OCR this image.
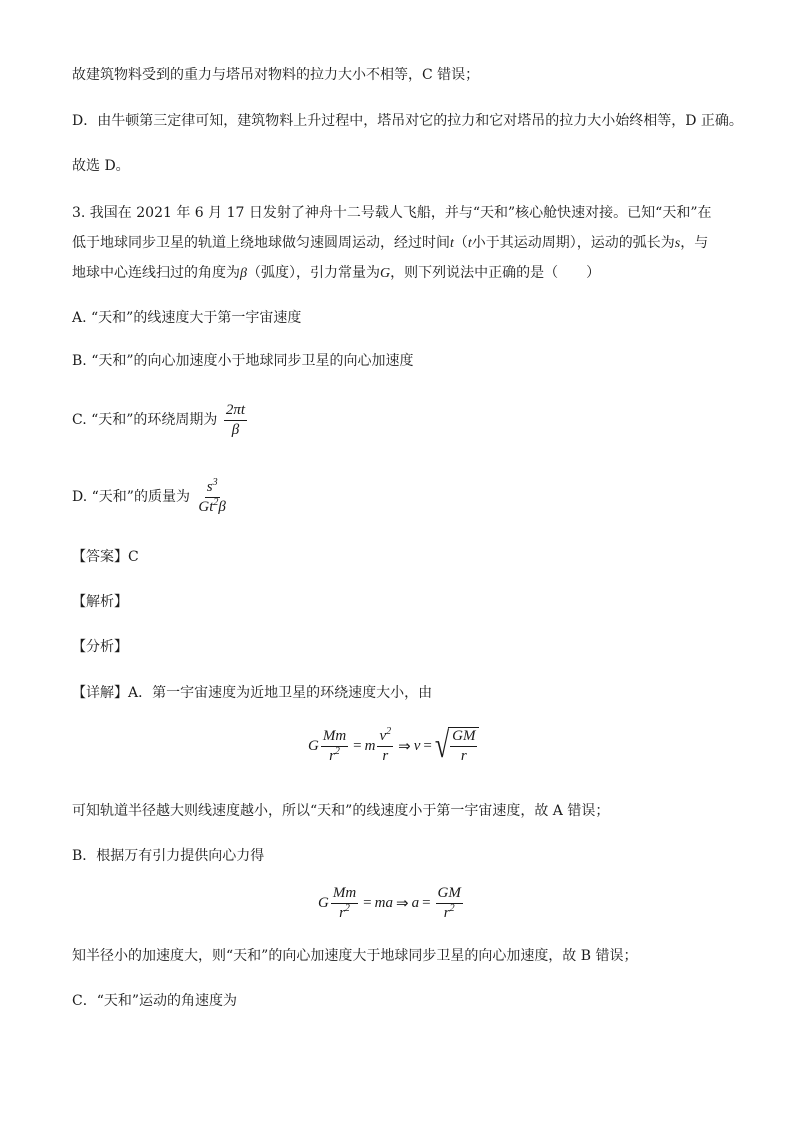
故建筑物料受到的重力与塔吊对物料的拉力大小不相等，C 错误；
D．由牛顿第三定律可知，建筑物料上升过程中，塔吊对它的拉力和它对塔吊的拉力大小始终相等，D 正确。
故选 D。
3. 我国在 2021 年 6 月 17 日发射了神舟十二号载人飞船，并与“天和”核心舱快速对接。已知“天和”在
低于地球同步卫星的轨道上绕地球做匀速圆周运动，经过时间t（t小于其运动周期），运动的弧长为s，与
地球中心连线扫过的角度为β（弧度），引力常量为G，则下列说法中正确的是（　　）
A. “天和”的线速度大于第一宇宙速度
B. “天和”的向心加速度小于地球同步卫星的向心加速度
C. “天和”的环绕周期为 $\frac{2\pi t}{\beta}$
D. “天和”的质量为 $\frac{s^3}{Gt^2\beta}$
【答案】C
【解析】
【分析】
【详解】A．第一宇宙速度为近地卫星的环绕速度大小，由
G $\frac{Mm}{r^2} = m \frac{v^2}{r}$ ⇒ v = √ $\frac{GM}{r}$
可知轨道半径越大则线速度越小，所以“天和”的线速度小于第一宇宙速度，故 A 错误；
B．根据万有引力提供向心力得
G $\frac{Mm}{r^2}$ = ma ⇒ $a = \frac{GM}{r^2}$
知半径小的加速度大，则“天和”的向心加速度大于地球同步卫星的向心加速度，故 B 错误；
C．“天和”运动的角速度为
